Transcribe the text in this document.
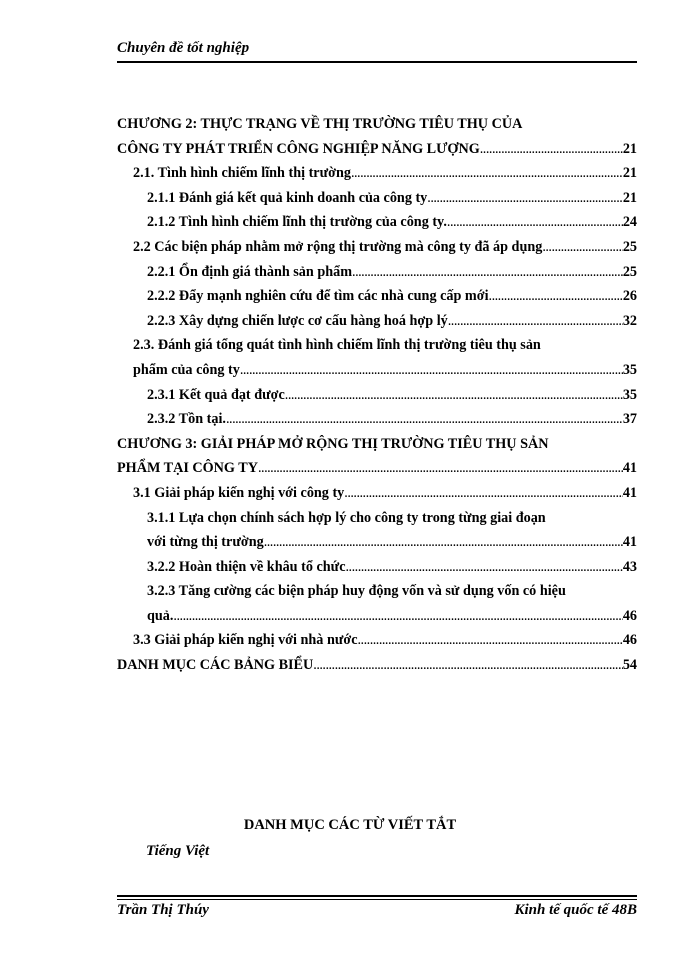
Chuyên đề tốt nghiệp
CHƯƠNG 2: THỰC TRẠNG VỀ THỊ TRƯỜNG TIÊU THỤ CỦA
CÔNG TY PHÁT TRIỂN CÔNG NGHIỆP NĂNG LƯỢNG .....	21
2.1. Tình hình chiếm lĩnh thị trường .....	21
2.1.1 Đánh giá kết quả kinh doanh của công ty .....	21
2.1.2 Tình hình chiếm lĩnh thị trường của công ty. .....	24
2.2 Các biện pháp nhằm mở rộng thị trường mà công ty đã áp dụng .....	25
2.2.1 Ổn định giá thành sản phẩm .....	25
2.2.2 Đẩy mạnh nghiên cứu để tìm các nhà cung cấp mới .....	26
2.2.3 Xây dựng chiến lược cơ cấu hàng hoá hợp lý .....	32
2.3. Đánh giá tổng quát tình hình chiếm lĩnh thị trường tiêu thụ sản
phẩm của công ty .....	35
2.3.1 Kết quả đạt được .....	35
2.3.2 Tồn tại. .....	37
CHƯƠNG 3: GIẢI PHÁP MỞ RỘNG THỊ TRƯỜNG TIÊU THỤ SẢN
PHẨM TẠI CÔNG TY .....	41
3.1 Giải pháp kiến nghị với công ty .....	41
3.1.1 Lựa chọn chính sách hợp lý cho công ty trong từng giai đoạn
với từng thị trường .....	41
3.2.2 Hoàn thiện về khâu tổ chức .....	43
3.2.3 Tăng cường các biện pháp huy động vốn và sử dụng vốn có hiệu
quả. .....	46
3.3 Giải pháp kiến nghị với nhà nước .....	46
DANH MỤC CÁC BẢNG BIỂU .....	54
DANH MỤC CÁC TỪ VIẾT TẮT
Tiếng Việt
Trần Thị Thúy	Kinh tế quốc tế 48B
